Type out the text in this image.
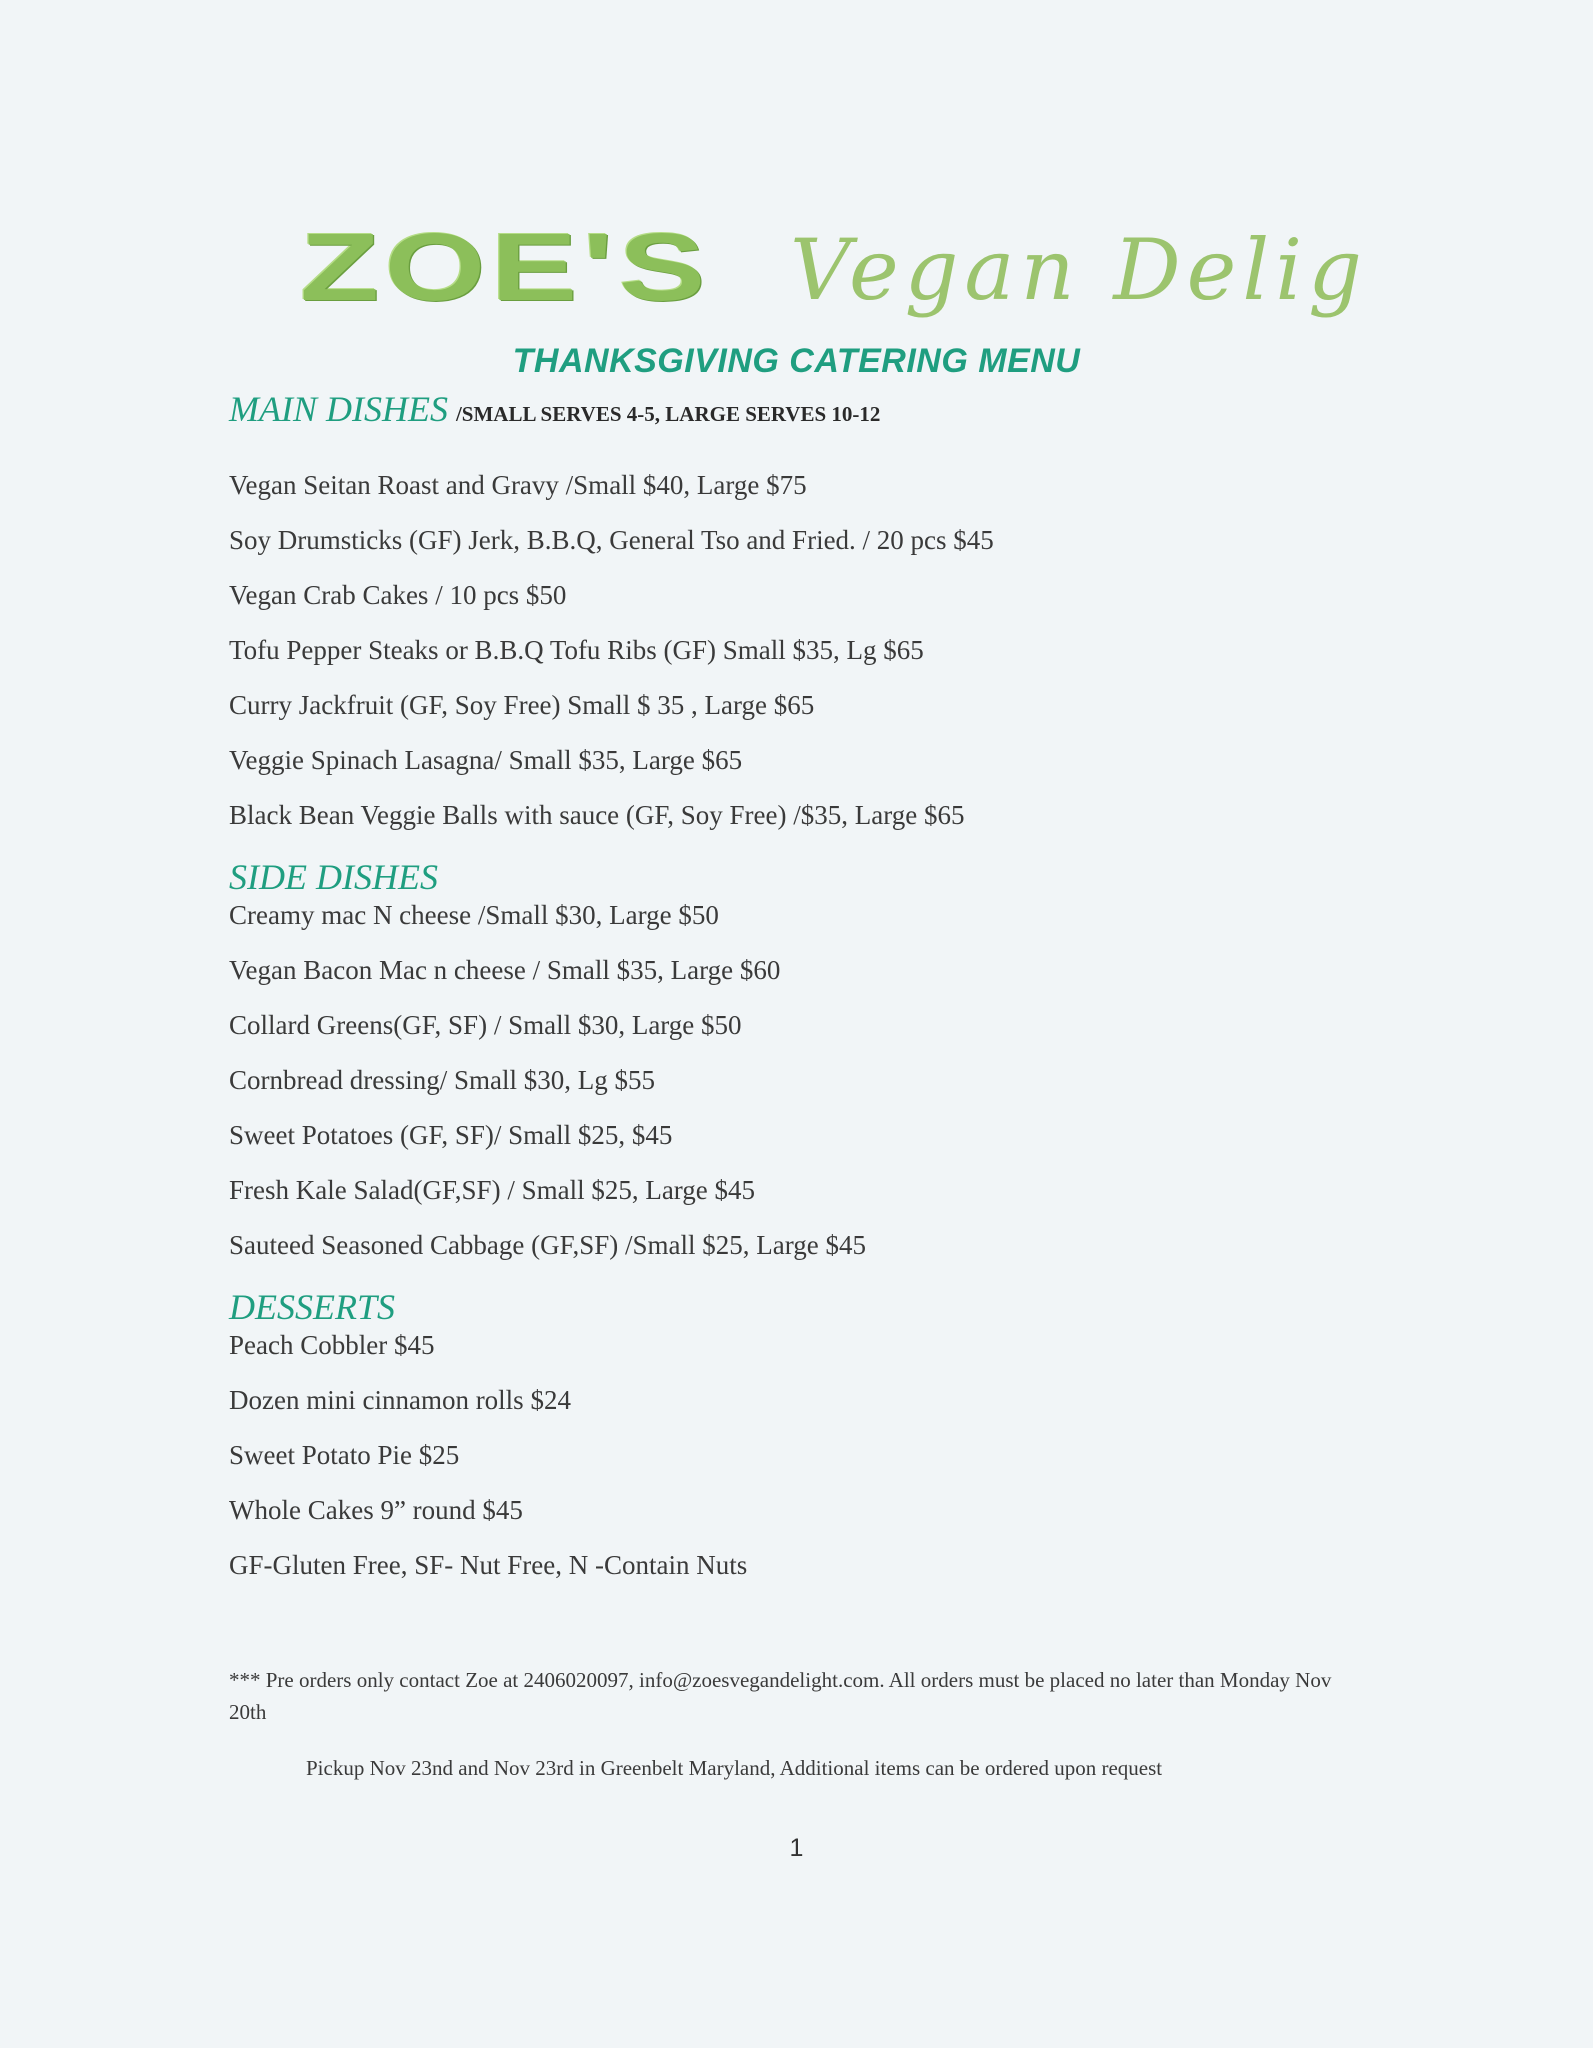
ZOE'S Vegan Delig
THANKSGIVING CATERING MENU
MAIN DISHES /SMALL SERVES 4-5, LARGE SERVES 10-12
Vegan Seitan Roast and Gravy /Small $40, Large $75
Soy Drumsticks (GF) Jerk, B.B.Q, General Tso and Fried. / 20 pcs $45
Vegan Crab Cakes / 10 pcs $50
Tofu Pepper Steaks or B.B.Q Tofu Ribs (GF) Small $35, Lg $65
Curry Jackfruit (GF, Soy Free) Small $ 35 , Large $65
Veggie Spinach Lasagna/ Small $35, Large $65
Black Bean Veggie Balls with sauce (GF, Soy Free) /$35, Large $65
SIDE DISHES
Creamy mac N cheese /Small $30, Large $50
Vegan Bacon Mac n cheese / Small $35, Large $60
Collard Greens(GF, SF) / Small $30, Large $50
Cornbread dressing/ Small $30, Lg $55
Sweet Potatoes (GF, SF)/ Small $25, $45
Fresh Kale Salad(GF,SF) / Small $25, Large $45
Sauteed Seasoned Cabbage (GF,SF) /Small $25, Large $45
DESSERTS
Peach Cobbler $45
Dozen mini cinnamon rolls $24
Sweet Potato Pie $25
Whole Cakes 9” round $45
GF-Gluten Free, SF- Nut Free, N -Contain Nuts
*** Pre orders only contact Zoe at 2406020097, info@zoesvegandelight.com. All orders must be placed no later than Monday Nov 20th
Pickup Nov 23nd and Nov 23rd in Greenbelt Maryland, Additional items can be ordered upon request
1
